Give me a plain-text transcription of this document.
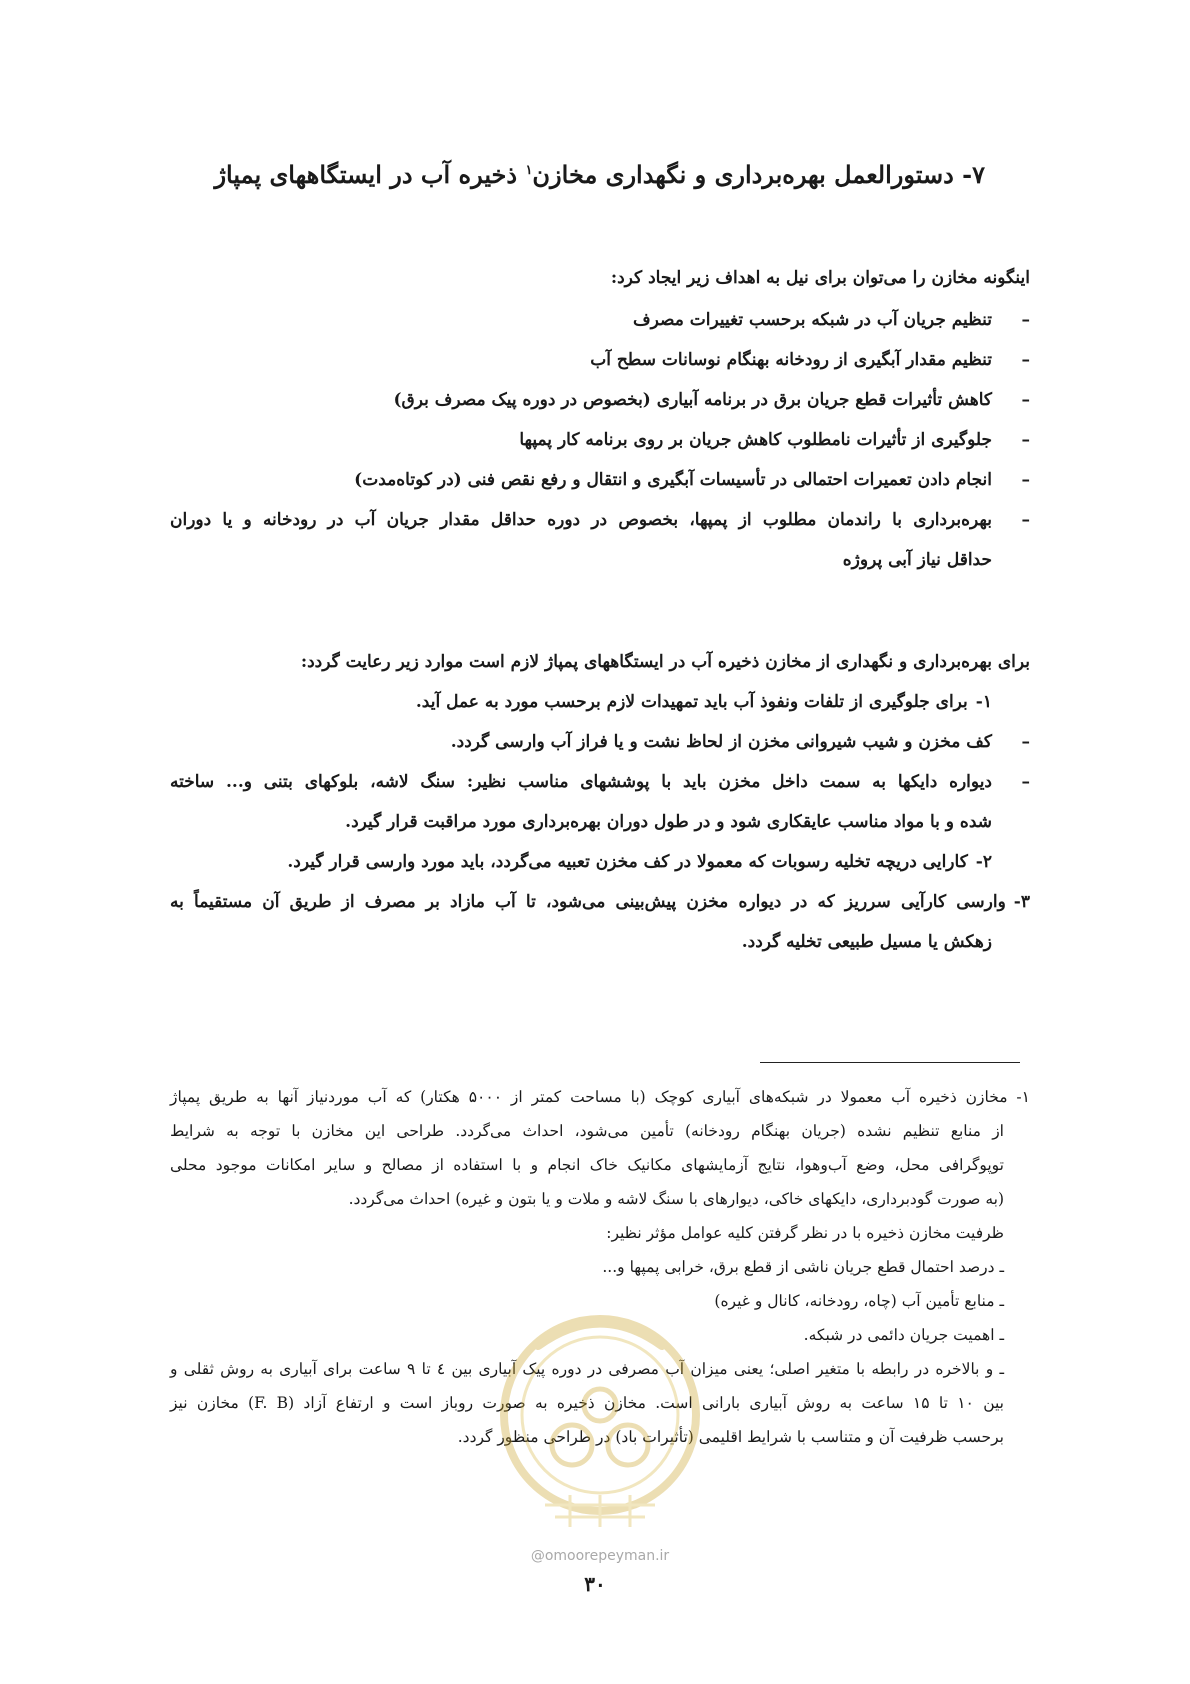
۷- دستورالعمل بهره‌برداری و نگهداری مخازن$^۱$ ذخیره آب در ایستگاههای پمپاژ

اینگونه مخازن را می‌توان برای نیل به اهداف زیر ایجاد کرد:

–
تنظیم جریان آب در شبکه برحسب تغییرات مصرف
–
تنظیم مقدار آبگیری از رودخانه بهنگام نوسانات سطح آب
–
کاهش تأثیرات قطع جریان برق در برنامه آبیاری (بخصوص در دوره پیک مصرف برق)
–
جلوگیری از تأثیرات نامطلوب کاهش جریان بر روی برنامه کار پمپها
–
انجام دادن تعمیرات احتمالی در تأسیسات آبگیری و انتقال و رفع نقص فنی (در کوتاه‌مدت)
–
بهره‌برداری با راندمان مطلوب از پمپها، بخصوص در دوره حداقل مقدار جریان آب در رودخانه و یا دوران

حداقل نیاز آبی پروژه

برای بهره‌برداری و نگهداری از مخازن ذخیره آب در ایستگاههای پمپاژ لازم است موارد زیر رعایت گردد:

۱-
برای جلوگیری از تلفات ونفوذ آب باید تمهیدات لازم برحسب مورد به عمل آید.
–
کف مخزن و شیب شیروانی مخزن از لحاظ نشت و یا فراز آب وارسی گردد.
–
دیواره دایکها به سمت داخل مخزن باید با پوششهای مناسب نظیر: سنگ لاشه، بلوکهای بتنی و... ساخته

شده و با مواد مناسب عایقکاری شود و در طول دوران بهره‌برداری مورد مراقبت قرار گیرد.

۲-
کارایی دریچه تخلیه رسوبات که معمولا در کف مخزن تعبیه می‌گردد، باید مورد وارسی قرار گیرد.
۳-
وارسی کارآیی سرریز که در دیواره مخزن پیش‌بینی می‌شود، تا آب مازاد بر مصرف از طریق آن مستقیماً به

زهکش یا مسیل طبیعی تخلیه گردد.

۱- مخازن ذخیره آب معمولا در شبکه‌های آبیاری کوچک (با مساحت کمتر از ۵۰۰۰ هکتار) که آب موردنیاز آنها به طریق پمپاژ

از منابع تنظیم نشده (جریان بهنگام رودخانه) تأمین می‌شود، احداث می‌گردد. طراحی این مخازن با توجه به شرایط

توپوگرافی محل، وضع آب‌وهوا، نتایج آزمایشهای مکانیک خاک انجام و با استفاده از مصالح و سایر امکانات موجود محلی

(به صورت گودبرداری، دایکهای خاکی، دیوارهای با سنگ لاشه و ملات و یا بتون و غیره) احداث می‌گردد.

ظرفیت مخازن ذخیره با در نظر گرفتن کلیه عوامل مؤثر نظیر:

ـ درصد احتمال قطع جریان ناشی از قطع برق، خرابی پمپها و...

ـ منابع تأمین آب (چاه، رودخانه، کانال و غیره)

ـ اهمیت جریان دائمی در شبکه.

ـ و بالاخره در رابطه با متغیر اصلی؛ یعنی میزان آب مصرفی در دوره پیک آبیاری بین ٤ تا ٩ ساعت برای آبیاری به روش ثقلی و

بین ۱۰ تا ۱۵ ساعت به روش آبیاری بارانی است. مخازن ذخیره به صورت روباز است و ارتفاع آزاد (F. B) مخازن نیز

برحسب ظرفیت آن و متناسب با شرایط اقلیمی (تأثیرات باد) در طراحی منظور گردد.

@omoorepeyman.ir
۳۰
